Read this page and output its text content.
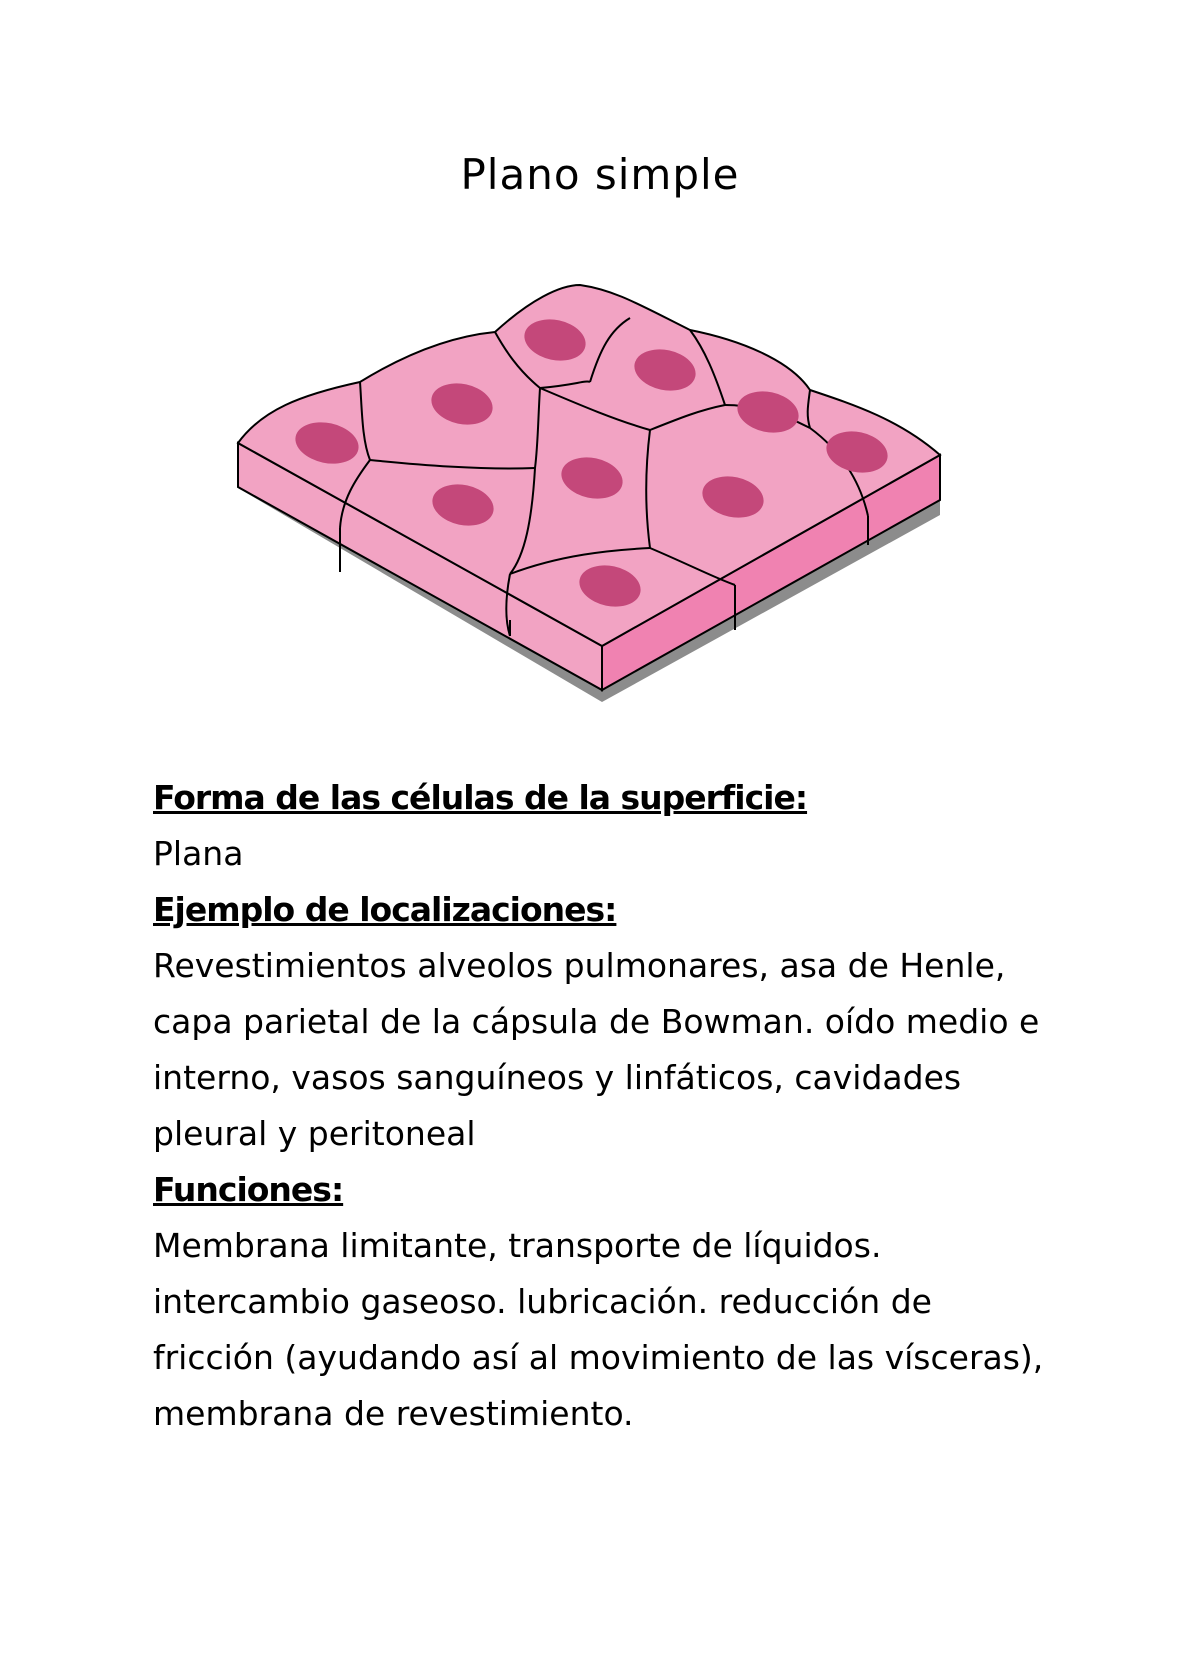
Plano simple

Forma de las células de la superficie:

Plana

Ejemplo de localizaciones:

Revestimientos alveolos pulmonares, asa de Henle,

capa parietal de la cápsula de Bowman. oído medio e

interno, vasos sanguíneos y linfáticos, cavidades

pleural y peritoneal

Funciones:

Membrana limitante, transporte de líquidos.

intercambio gaseoso. lubricación. reducción de

fricción (ayudando así al movimiento de las vísceras),

membrana de revestimiento.
